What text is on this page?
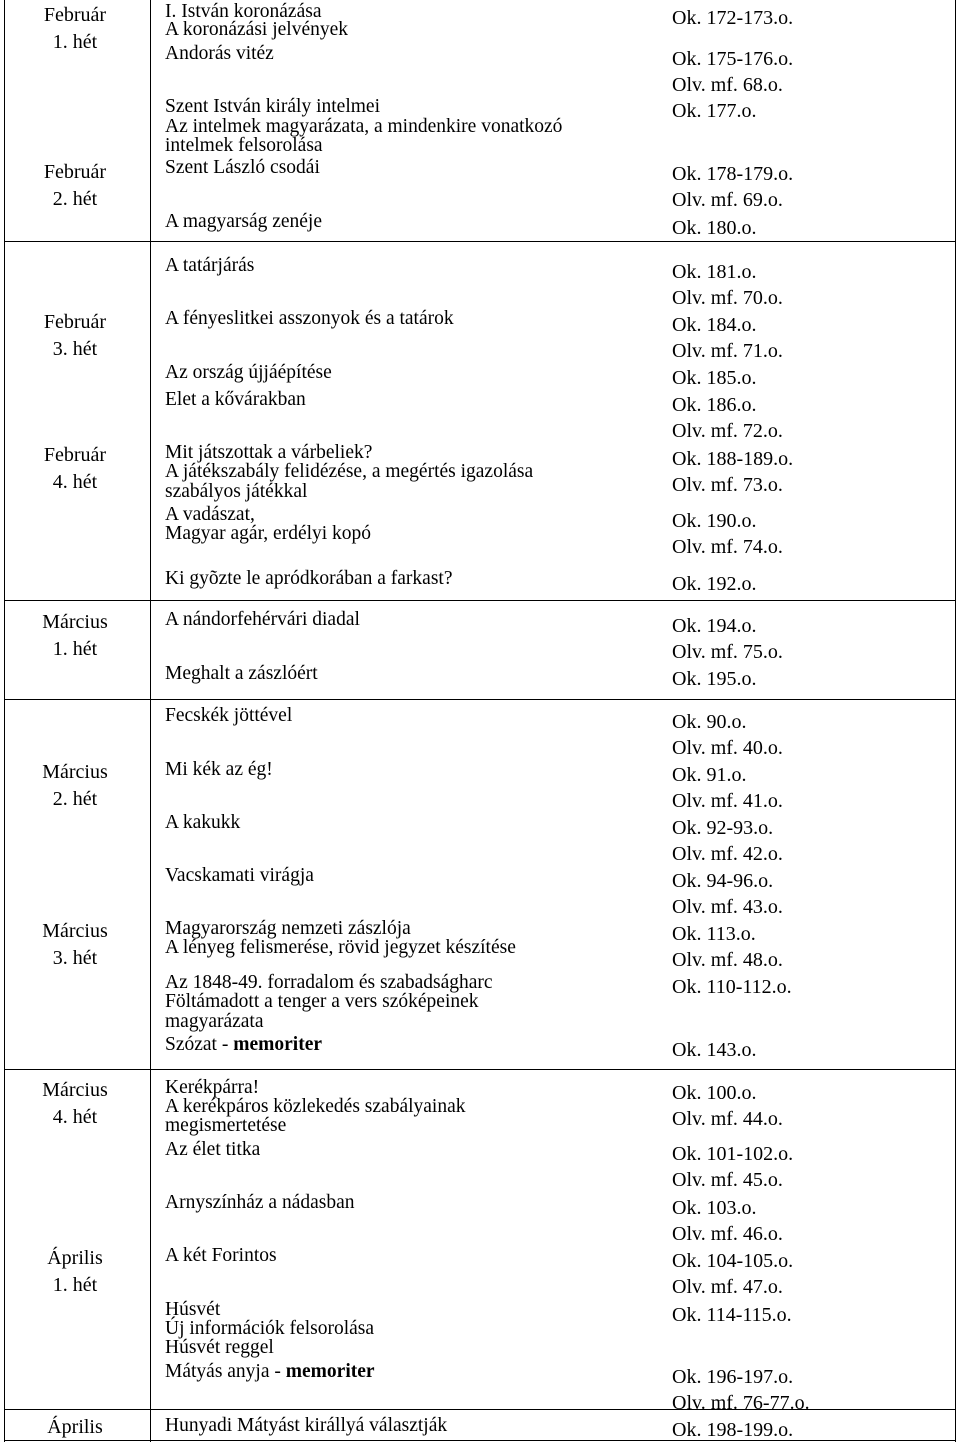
Február
1. hét
Február
2. hét
Február
3. hét
Február
4. hét
Március
1. hét
Március
2. hét
Március
3. hét
Március
4. hét
Április
1. hét
Április
I. István koronázása
A koronázási jelvények
Andorás vitéz
Szent István király intelmei
Az intelmek magyarázata, a mindenkire vonatkozó
intelmek felsorolása
Szent László csodái
A magyarság zenéje
A tatárjárás
A fényeslitkei asszonyok és a tatárok
Az ország újjáépítése
Elet a kővárakban
Mit játszottak a várbeliek?
A játékszabály felidézése, a megértés igazolása
szabályos játékkal
A vadászat,
Magyar agár, erdélyi kopó
Ki gyõzte le apródkorában a farkast?
A nándorfehérvári diadal
Meghalt a zászlóért
Fecskék jöttével
Mi kék az ég!
A kakukk
Vacskamati virágja
Magyarország nemzeti zászlója
A lényeg felismerése, rövid jegyzet készítése
Az 1848-49. forradalom és szabadságharc
Föltámadott a tenger a vers szóképeinek
magyarázata
Szózat - memoriter
Kerékpárra!
A kerékpáros közlekedés szabályainak
megismertetése
Az élet titka
Arnyszínház a nádasban
A két Forintos
Húsvét
Új információk felsorolása
Húsvét reggel
Mátyás anyja - memoriter
Hunyadi Mátyást királlyá választják
Ok. 172-173.o.
Ok. 175-176.o.
Olv. mf. 68.o.
Ok. 177.o.
Ok. 178-179.o.
Olv. mf. 69.o.
Ok. 180.o.
Ok. 181.o.
Olv. mf. 70.o.
Ok. 184.o.
Olv. mf. 71.o.
Ok. 185.o.
Ok. 186.o.
Olv. mf. 72.o.
Ok. 188-189.o.
Olv. mf. 73.o.
Ok. 190.o.
Olv. mf. 74.o.
Ok. 192.o.
Ok. 194.o.
Olv. mf. 75.o.
Ok. 195.o.
Ok. 90.o.
Olv. mf. 40.o.
Ok. 91.o.
Olv. mf. 41.o.
Ok. 92-93.o.
Olv. mf. 42.o.
Ok. 94-96.o.
Olv. mf. 43.o.
Ok. 113.o.
Olv. mf. 48.o.
Ok. 110-112.o.
Ok. 143.o.
Ok. 100.o.
Olv. mf. 44.o.
Ok. 101-102.o.
Olv. mf. 45.o.
Ok. 103.o.
Olv. mf. 46.o.
Ok. 104-105.o.
Olv. mf. 47.o.
Ok. 114-115.o.
Ok. 196-197.o.
Olv. mf. 76-77.o.
Ok. 198-199.o.
